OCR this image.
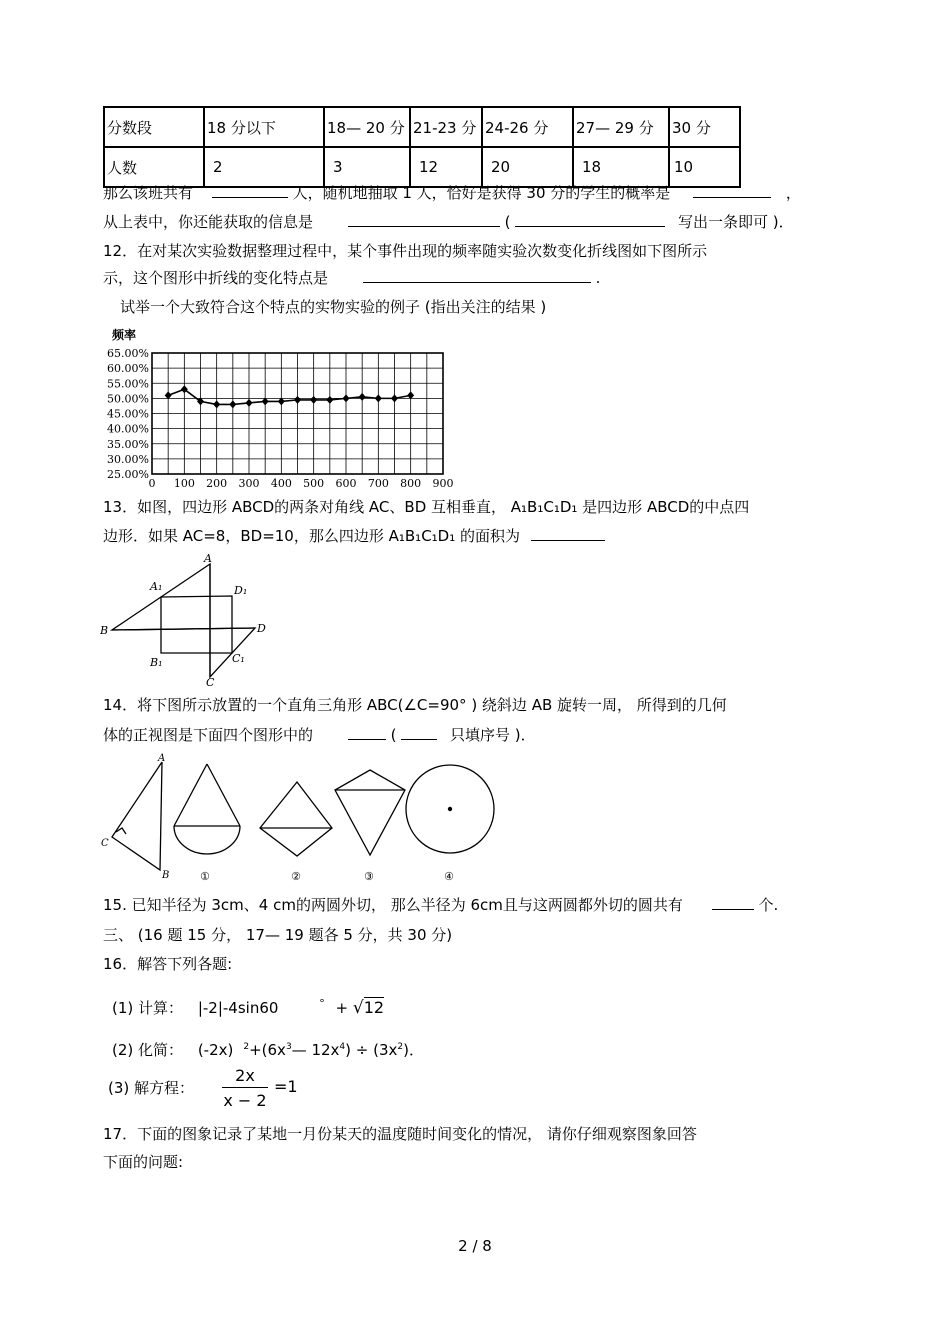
分数段	18 分以下	18— 20 分	21-23 分	24-26 分	27— 29 分	30 分
人数	2	3	12	20	18	10
那么该班共有	人，随机地抽取 1 人，恰好是获得 30 分的学生的概率是	，
从上表中，你还能获取的信息是	(	写出一条即可 )．
12．在对某次实验数据整理过程中，某个事件出现的频率随实验次数变化折线图如下图所示
示，这个图形中折线的变化特点是	.
试举一个大致符合这个特点的实物实验的例子 (指出关注的结果 )
频率
65.00%
60.00%
55.00%
50.00%
45.00%
40.00%
35.00%
30.00%
25.00%
0 100 200 300 400 500 600 700 800 900
13．如图，四边形 ABCD的两条对角线 AC、BD 互相垂直， A₁B₁C₁D₁ 是四边形 ABCD的中点四
边形．如果 AC=8，BD=10，那么四边形 A₁B₁C₁D₁ 的面积为
A
A₁	D₁
B	D
B₁	C₁
C
14．将下图所示放置的一个直角三角形 ABC(∠C=90° ) 绕斜边 AB 旋转一周， 所得到的几何
体的正视图是下面四个图形中的	(	只填序号 )．
A
C
B	①	②	③	④
15. 已知半径为 3cm、4 cm的两圆外切， 那么半径为 6cm且与这两圆都外切的圆共有	个.
三、 (16 题 15 分， 17— 19 题各 5 分，共 30 分)
16．解答下列各题:
(1) 计算： |-2|-4sin60	° + √12
(2) 化简： (-2x) $^2+(6x^3—$ $12x^4) \div (3x^2)$．
(3) 解方程： $\frac{2x}{x - 2} =1$
17．下面的图象记录了某地一月份某天的温度随时间变化的情况， 请你仔细观察图象回答
下面的问题:
2 / 8
